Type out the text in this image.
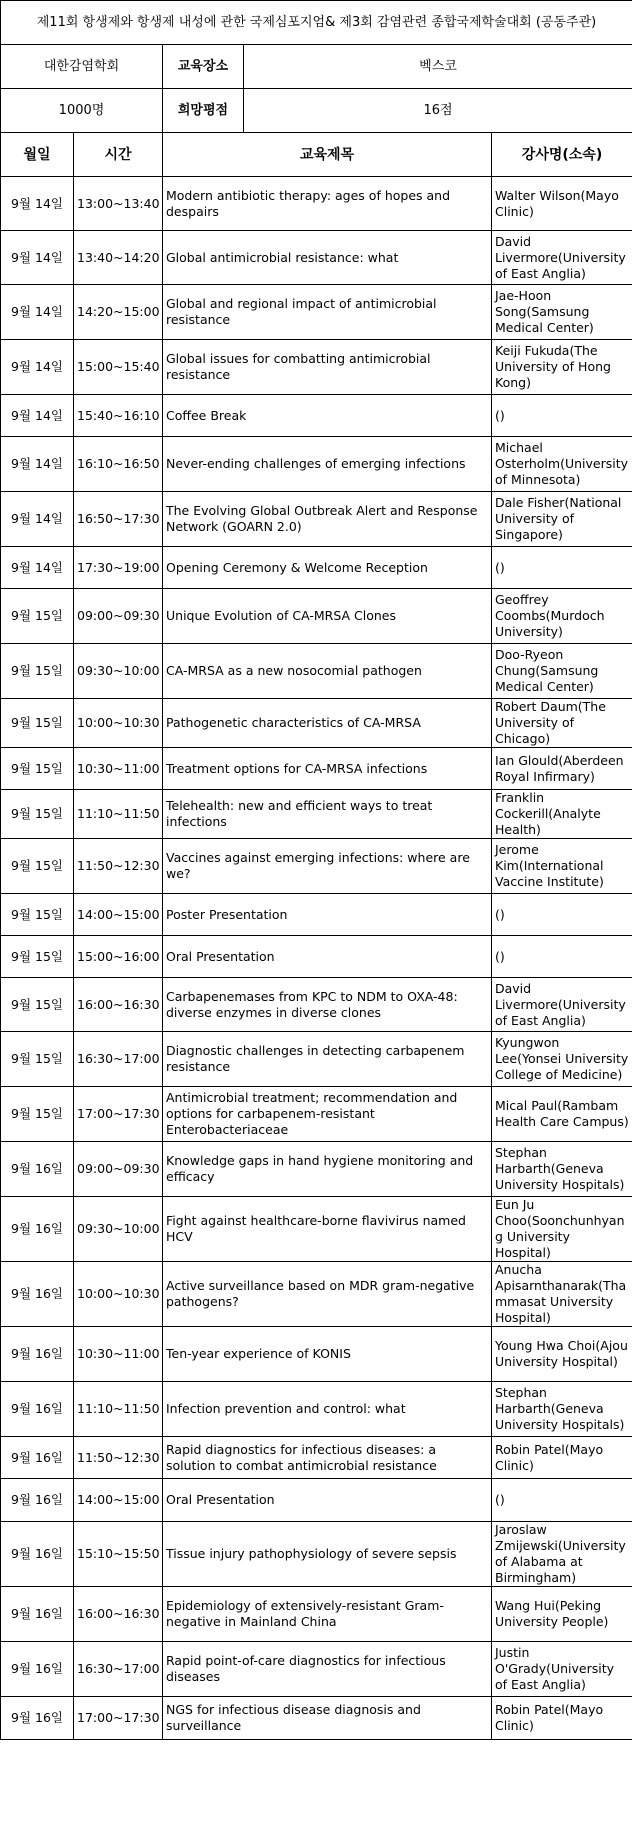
제11회 항생제와 항생제 내성에 관한 국제심포지엄& 제3회 감염관련 종합국제학술대회 (공동주관)				
대한감염학회		교육장소	벡스코	
1000명		희망평점	16점	
월일	시간	교육제목		강사명(소속)
9월 14일	13:00~13:40	Modern antibiotic therapy: ages of hopes and despairs		Walter Wilson(Mayo Clinic)
9월 14일	13:40~14:20	Global antimicrobial resistance: what		David Livermore(University of East Anglia)
9월 14일	14:20~15:00	Global and regional impact of antimicrobial resistance		Jae-Hoon Song(Samsung Medical Center)
9월 14일	15:00~15:40	Global issues for combatting antimicrobial resistance		Keiji Fukuda(The University of Hong Kong)
9월 14일	15:40~16:10	Coffee Break		()
9월 14일	16:10~16:50	Never-ending challenges of emerging infections		Michael Osterholm(University of Minnesota)
9월 14일	16:50~17:30	The Evolving Global Outbreak Alert and Response Network (GOARN 2.0)		Dale Fisher(National University of Singapore)
9월 14일	17:30~19:00	Opening Ceremony & Welcome Reception		()
9월 15일	09:00~09:30	Unique Evolution of CA-MRSA Clones		Geoffrey Coombs(Murdoch University)
9월 15일	09:30~10:00	CA-MRSA as a new nosocomial pathogen		Doo-Ryeon Chung(Samsung Medical Center)
9월 15일	10:00~10:30	Pathogenetic characteristics of CA-MRSA		Robert Daum(The University of Chicago)
9월 15일	10:30~11:00	Treatment options for CA-MRSA infections		Ian Glould(Aberdeen Royal Infirmary)
9월 15일	11:10~11:50	Telehealth: new and efficient ways to treat infections		Franklin Cockerill(Analyte Health)
9월 15일	11:50~12:30	Vaccines against emerging infections: where are we?		Jerome Kim(International Vaccine Institute)
9월 15일	14:00~15:00	Poster Presentation		()
9월 15일	15:00~16:00	Oral Presentation		()
9월 15일	16:00~16:30	Carbapenemases from KPC to NDM to OXA-48: diverse enzymes in diverse clones		David Livermore(University of East Anglia)
9월 15일	16:30~17:00	Diagnostic challenges in detecting carbapenem resistance		Kyungwon Lee(Yonsei University College of Medicine)
9월 15일	17:00~17:30	Antimicrobial treatment; recommendation and options for carbapenem-resistant Enterobacteriaceae		Mical Paul(Rambam Health Care Campus)
9월 16일	09:00~09:30	Knowledge gaps in hand hygiene monitoring and efficacy		Stephan Harbarth(Geneva University Hospitals)
9월 16일	09:30~10:00	Fight against healthcare-borne flavivirus named HCV		Eun Ju Choo(Soonchunhyang University Hospital)
9월 16일	10:00~10:30	Active surveillance based on MDR gram-negative pathogens?		Anucha Apisarnthanarak(Thammasat University Hospital)
9월 16일	10:30~11:00	Ten-year experience of KONIS		Young Hwa Choi(Ajou University Hospital)
9월 16일	11:10~11:50	Infection prevention and control: what		Stephan Harbarth(Geneva University Hospitals)
9월 16일	11:50~12:30	Rapid diagnostics for infectious diseases: a solution to combat antimicrobial resistance		Robin Patel(Mayo Clinic)
9월 16일	14:00~15:00	Oral Presentation		()
9월 16일	15:10~15:50	Tissue injury pathophysiology of severe sepsis		Jaroslaw Zmijewski(University of Alabama at Birmingham)
9월 16일	16:00~16:30	Epidemiology of extensively-resistant Gram-negative in Mainland China		Wang Hui(Peking University People)
9월 16일	16:30~17:00	Rapid point-of-care diagnostics for infectious diseases		Justin O'Grady(University of East Anglia)
9월 16일	17:00~17:30	NGS for infectious disease diagnosis and surveillance		Robin Patel(Mayo Clinic)
